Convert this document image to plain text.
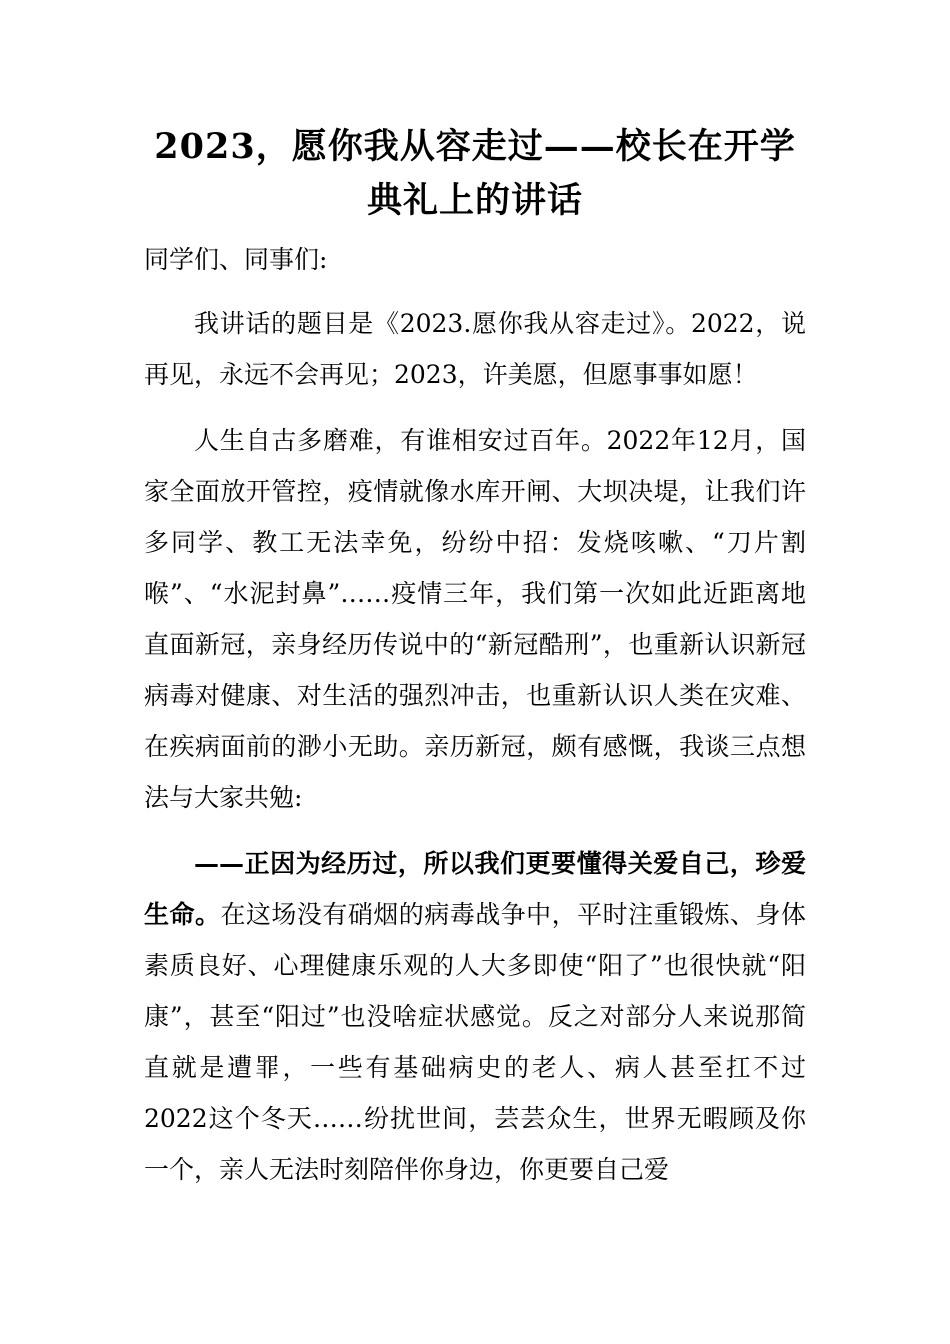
2023，愿你我从容走过——校长在开学
典礼上的讲话

同学们、同事们:

我讲话的题目是《2023.愿你我从容走过》。2022，说再见，永远不会再见；2023，许美愿，但愿事事如愿！

人生自古多磨难，有谁相安过百年。2022年12月，国家全面放开管控，疫情就像水库开闸、大坝决堤，让我们许多同学、教工无法幸免，纷纷中招：发烧咳嗽、“刀片割喉”、“水泥封鼻”……疫情三年，我们第一次如此近距离地直面新冠，亲身经历传说中的“新冠酷刑”，也重新认识新冠病毒对健康、对生活的强烈冲击，也重新认识人类在灾难、在疾病面前的渺小无助。亲历新冠，颇有感慨，我谈三点想法与大家共勉:

——正因为经历过，所以我们更要懂得关爱自己，珍爱生命。在这场没有硝烟的病毒战争中，平时注重锻炼、身体素质良好、心理健康乐观的人大多即使“阳了”也很快就“阳康”，甚至“阳过”也没啥症状感觉。反之对部分人来说那简直就是遭罪，一些有基础病史的老人、病人甚至扛不过2022这个冬天……纷扰世间，芸芸众生，世界无暇顾及你一个，亲人无法时刻陪伴你身边，你更要自己爱
